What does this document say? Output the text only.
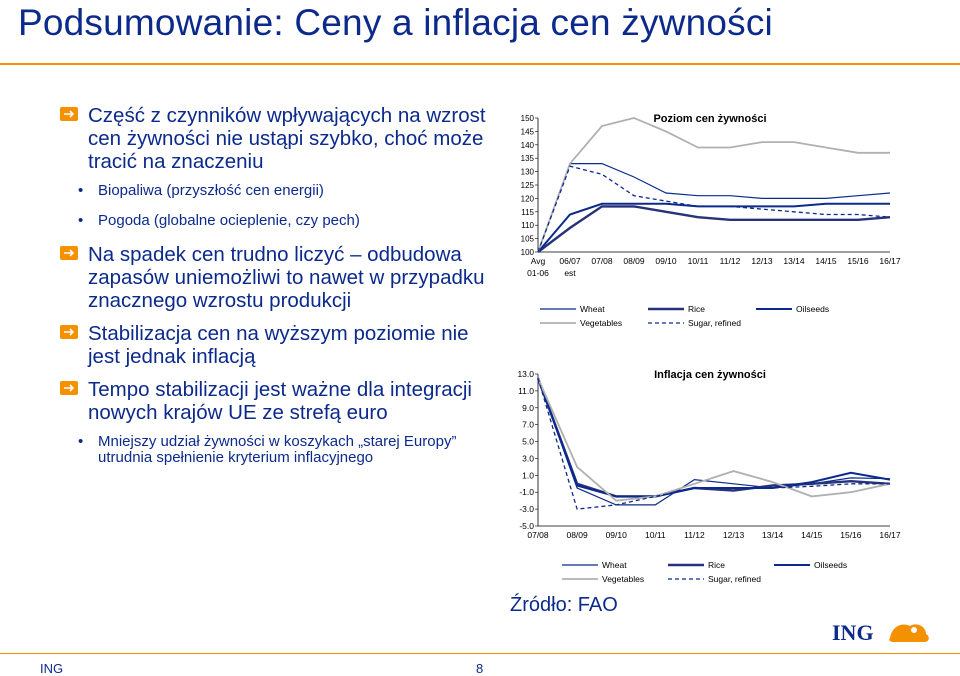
Podsumowanie: Ceny a inflacja cen żywności
Część z czynników wpływających na wzrost cen żywności nie ustąpi szybko, choć może tracić na znaczeniu
• Biopaliwa (przyszłość cen energii)
• Pogoda (globalne ocieplenie, czy pech)
Na spadek cen trudno liczyć – odbudowa zapasów uniemożliwi to nawet w przypadku znacznego wzrostu produkcji
Stabilizacja cen na wyższym poziomie nie jest jednak inflacją
Tempo stabilizacji jest ważne dla integracji nowych krajów UE ze strefą euro
• Mniejszy udział żywności w koszykach „starej Europy” utrudnia spełnienie kryterium inflacyjnego
150
145
140
135
130
125
120
115
110
105
100
Avg 01-06
06/07 est
07/08 08/09 09/10 10/11 11/12 12/13 13/14 14/15 15/16 16/17
Poziom cen żywności
Wheat	Rice	Oilseeds
Vegetables	Sugar, refined
13.0
11.0
9.0
7.0
5.0
3.0
1.0
-1.0
-3.0
-5.0
07/08 08/09 09/10 10/11 11/12 12/13 13/14 14/15 15/16 16/17
Inflacja cen żywności
Wheat	Rice	Oilseeds
Vegetables	Sugar, refined
Źródło: FAO
ING
ING	8
